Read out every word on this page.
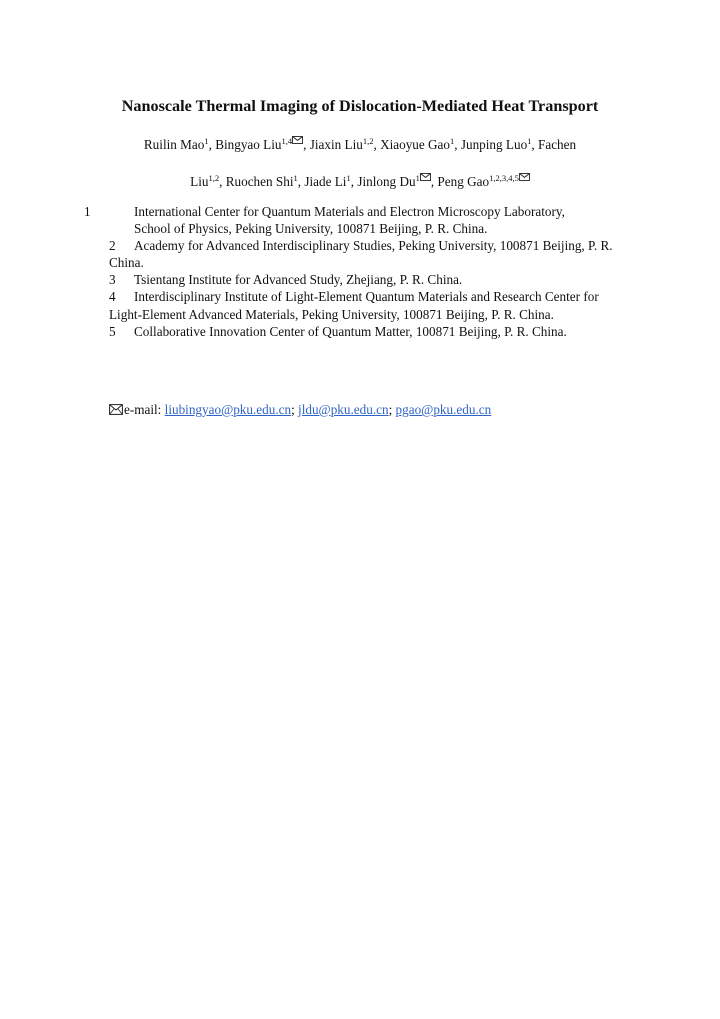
Nanoscale Thermal Imaging of Dislocation-Mediated Heat Transport
Ruilin Mao$^1$, Bingyao Liu$^{1,4}$ , Jiaxin Liu$^{1,2}$, Xiaoyue Gao$^1$, Junping Luo$^1$, Fachen
Liu$^{1,2}$, Ruochen Shi$^1$, Jiade Li$^1$, Jinlong Du$^1$ , Peng Gao$^{1,2,3,4,5}$

1	International Center for Quantum Materials and Electron Microscopy Laboratory,
School of Physics, Peking University, 100871 Beijing, P. R. China.

2 Academy for Advanced Interdisciplinary Studies, Peking University, 100871 Beijing, P. R. China.

3 Tsientang Institute for Advanced Study, Zhejiang, P. R. China.

4 Interdisciplinary Institute of Light-Element Quantum Materials and Research Center for Light-Element Advanced Materials, Peking University, 100871 Beijing, P. R. China.

5 Collaborative Innovation Center of Quantum Matter, 100871 Beijing, P. R. China.

e-mail: liubingyao@pku.edu.cn; jldu@pku.edu.cn; pgao@pku.edu.cn
